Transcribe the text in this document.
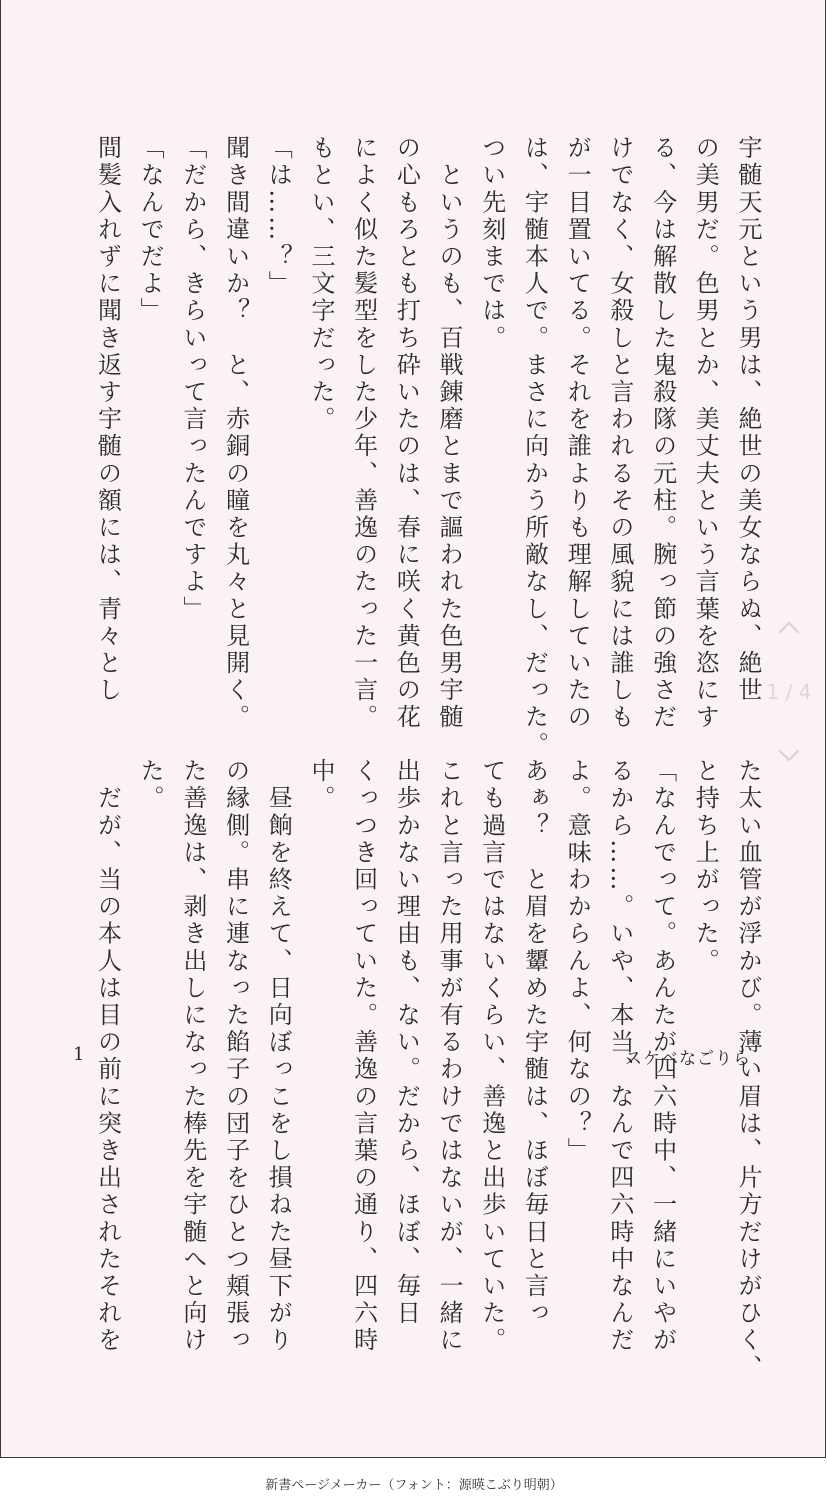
宇髄天元という男は、絶世の美女ならぬ、絶世

の美男だ。色男とか、美丈夫という言葉を恣にす

る、今は解散した鬼殺隊の元柱。腕っ節の強さだ

けでなく、女殺しと言われるその風貌には誰しも

が一目置いてる。それを誰よりも理解していたの

は、宇髄本人で。まさに向かう所敵なし、だった。

つい先刻までは。

　というのも、百戦錬磨とまで謳われた色男宇髄

の心もろとも打ち砕いたのは、春に咲く黄色の花

によく似た髪型をした少年、善逸のたった一言。

もとい、三文字だった。

「は……？」

聞き間違いか？　と、赤銅の瞳を丸々と見開く。

「だから、きらいって言ったんですよ」

「なんでだよ」

間髪入れずに聞き返す宇髄の額には、青々とし

た太い血管が浮かび。薄い眉は、片方だけがひく、

と持ち上がった。

「なんでって。あんたが四六時中、一緒にいやが

るから……。いや、本当、なんで四六時中なんだ

よ。意味わからんよ、何なの？」

あぁ？　と眉を顰めた宇髄は、ほぼ毎日と言っ

ても過言ではないくらい、善逸と出歩いていた。

これと言った用事が有るわけではないが、一緒に

出歩かない理由も、ない。だから、ほぼ、毎日

くっつき回っていた。善逸の言葉の通り、四六時

中。

　昼餉を終えて、日向ぼっこをし損ねた昼下がり

の縁側。串に連なった餡子の団子をひとつ頬張っ

た善逸は、剥き出しになった棒先を宇髄へと向け

た。

　だが、当の本人は目の前に突き出されたそれを

1	スケベなごりら
1 / 4
新書ページメーカー（フォント：源暎こぶり明朝）
